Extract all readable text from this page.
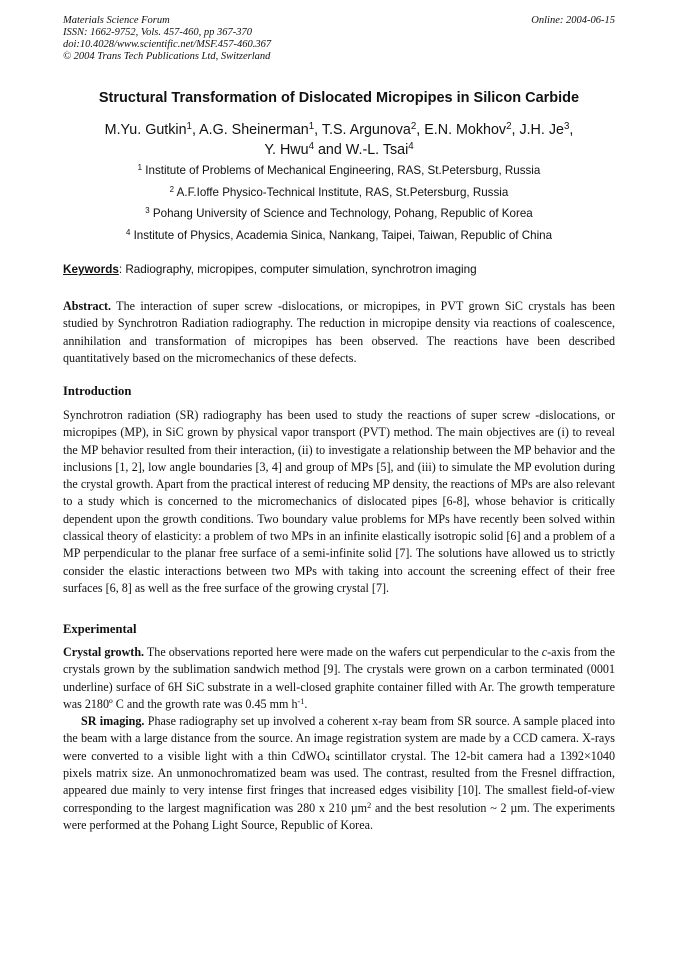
Materials Science Forum
ISSN: 1662-9752, Vols. 457-460, pp 367-370
doi:10.4028/www.scientific.net/MSF.457-460.367
© 2004 Trans Tech Publications Ltd, Switzerland
Online: 2004-06-15
Structural Transformation of Dislocated Micropipes in Silicon Carbide
M.Yu. Gutkin$^1$, A.G. Sheinerman$^1$, T.S. Argunova$^2$, E.N. Mokhov$^2$, J.H. Je$^3$,
Y. Hwu$^4$ and W.-L. Tsai$^4$
$^1$ Institute of Problems of Mechanical Engineering, RAS, St.Petersburg, Russia
$^2$ A.F.Ioffe Physico-Technical Institute, RAS, St.Petersburg, Russia
$^3$ Pohang University of Science and Technology, Pohang, Republic of Korea
$^4$ Institute of Physics, Academia Sinica, Nankang, Taipei, Taiwan, Republic of China
Keywords: Radiography, micropipes, computer simulation, synchrotron imaging

Abstract. The interaction of super screw -dislocations, or micropipes, in PVT grown SiC crystals has been studied by Synchrotron Radiation radiography. The reduction in micropipe density via reactions of coalescence, annihilation and transformation of micropipes has been observed. The reactions have been described quantitatively based on the micromechanics of these defects.

Introduction

Synchrotron radiation (SR) radiography has been used to study the reactions of super screw -dislocations, or micropipes (MP), in SiC grown by physical vapor transport (PVT) method. The main objectives are (i) to reveal the MP behavior resulted from their interaction, (ii) to investigate a relationship between the MP behavior and the inclusions [1, 2], low angle boundaries [3, 4] and group of MPs [5], and (iii) to simulate the MP evolution during the crystal growth. Apart from the practical interest of reducing MP density, the reactions of MPs are also relevant to a study which is concerned to the micromechanics of dislocated pipes [6-8], whose behavior is critically dependent upon the growth conditions. Two boundary value problems for MPs have recently been solved within classical theory of elasticity: a problem of two MPs in an infinite elastically isotropic solid [6] and a problem of a MP perpendicular to the planar free surface of a semi-infinite solid [7]. The solutions have allowed us to strictly consider the elastic interactions between two MPs with taking into account the screening effect of their free surfaces [6, 8] as well as the free surface of the growing crystal [7].

Experimental

Crystal growth. The observations reported here were made on the wafers cut perpendicular to the c-axis from the crystals grown by the sublimation sandwich method [9]. The crystals were grown on a carbon terminated (0001 underline) surface of 6H SiC substrate in a well-closed graphite container filled with Ar. The growth temperature was 2180º C and the growth rate was 0.45 mm $h^{-1}$.

SR imaging. Phase radiography set up involved a coherent x-ray beam from SR source. A sample placed into the beam with a large distance from the source. An image registration system are made by a CCD camera. X-rays were converted to a visible light with a thin CdWO$_4$ scintillator crystal. The 12-bit camera had a 1392×1040 pixels matrix size. An unmonochromatized beam was used. The contrast, resulted from the Fresnel diffraction, appeared due mainly to very intense first fringes that increased edges visibility [10]. The smallest field-of-view corresponding to the largest magnification was 280 x 210 µm$^2$ and the best resolution ~ 2 µm. The experiments were performed at the Pohang Light Source, Republic of Korea.
